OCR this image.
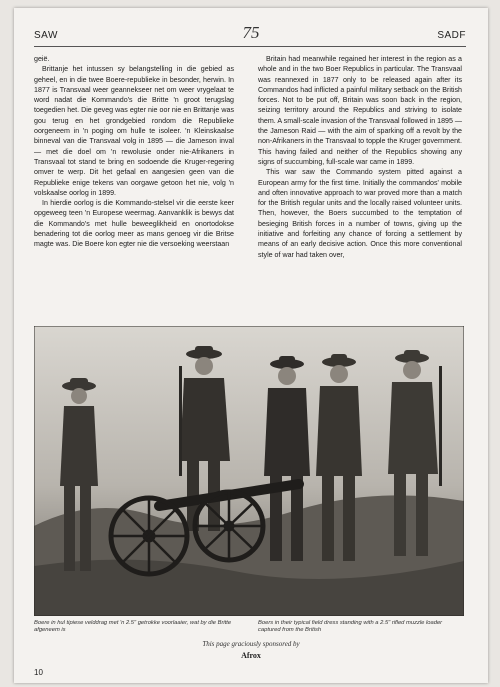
SAW	75	SADF

geië.

Brittanje het intussen sy belangstelling in die gebied as geheel, en in die twee Boere-republieke in besonder, herwin. In 1877 is Transvaal weer geannekseer net om weer vrygelaat te word nadat die Kommando's die Britte 'n groot terugslag toegedien het. Die geveg was egter nie oor nie en Brittanje was gou terug en het grondgebied rondom die Republieke oorgeneem in 'n poging om hulle te isoleer. 'n Kleinskaalse binneval van die Transvaal volg in 1895 — die Jameson inval — met die doel om 'n rewolusie onder nie-Afrikaners in Transvaal tot stand te bring en sodoende die Kruger-regering omver te werp. Dit het gefaal en aangesien geen van die Republieke enige tekens van oorgawe getoon het nie, volg 'n volskaalse oorlog in 1899.

In hierdie oorlog is die Kommando-stelsel vir die eerste keer opgeweeg teen 'n Europese weermag. Aanvanklik is bewys dat die Kommando's met hulle beweeglikheid en onortodokse benadering tot die oorlog meer as mans genoeg vir die Britse magte was. Die Boere kon egter nie die versoeking weerstaan

Britain had meanwhile regained her interest in the region as a whole and in the two Boer Republics in particular. The Transvaal was reannexed in 1877 only to be released again after its Commandos had inflicted a painful military setback on the British forces. Not to be put off, Britain was soon back in the region, seizing territory around the Republics and striving to isolate them. A small-scale invasion of the Transvaal followed in 1895 — the Jameson Raid — with the aim of sparking off a revolt by the non-Afrikaners in the Transvaal to topple the Kruger government. This having failed and neither of the Republics showing any signs of succumbing, full-scale war came in 1899.

This war saw the Commando system pitted against a European army for the first time. Initially the commandos' mobile and often innovative approach to war proved more than a match for the British regular units and the locally raised volunteer units. Then, however, the Boers succumbed to the temptation of besieging British forces in a number of towns, giving up the initiative and forfeiting any chance of forcing a settlement by means of an early decisive action. Once this more conventional style of war had taken over,

Boere in hul tipiese velddrag met 'n 2.5" getrokke voorlaaier, wat by die Britte afgeneem is
Boers in their typical field dress standing with a 2.5" rifled muzzle loader captured from the British
This page graciously sponsored by
Afrox
10
